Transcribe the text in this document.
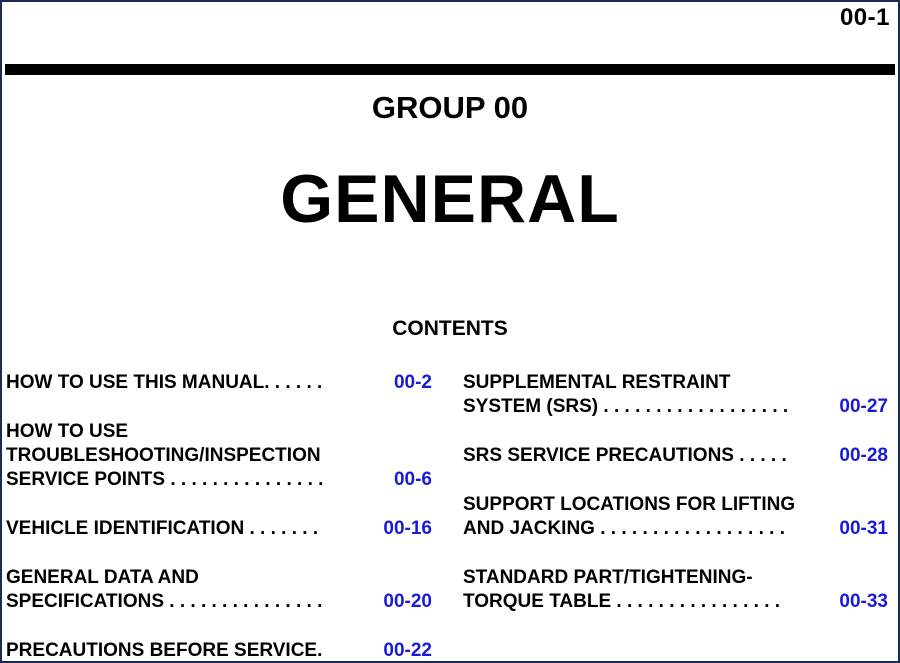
00-1
GROUP 00
GENERAL
CONTENTS
HOW TO USE THIS MANUAL. . . . . .	00-2
HOW TO USE
TROUBLESHOOTING/INSPECTION
SERVICE POINTS . . . . . . . . . . . . . . .	00-6
VEHICLE IDENTIFICATION . . . . . . .	00-16
GENERAL DATA AND
SPECIFICATIONS . . . . . . . . . . . . . . .	00-20
PRECAUTIONS BEFORE SERVICE.	00-22
SUPPLEMENTAL RESTRAINT
SYSTEM (SRS) . . . . . . . . . . . . . . . . . .	00-27
SRS SERVICE PRECAUTIONS . . . . .	00-28
SUPPORT LOCATIONS FOR LIFTING
AND JACKING . . . . . . . . . . . . . . . . . .	00-31
STANDARD PART/TIGHTENING-
TORQUE TABLE . . . . . . . . . . . . . . . .	00-33
